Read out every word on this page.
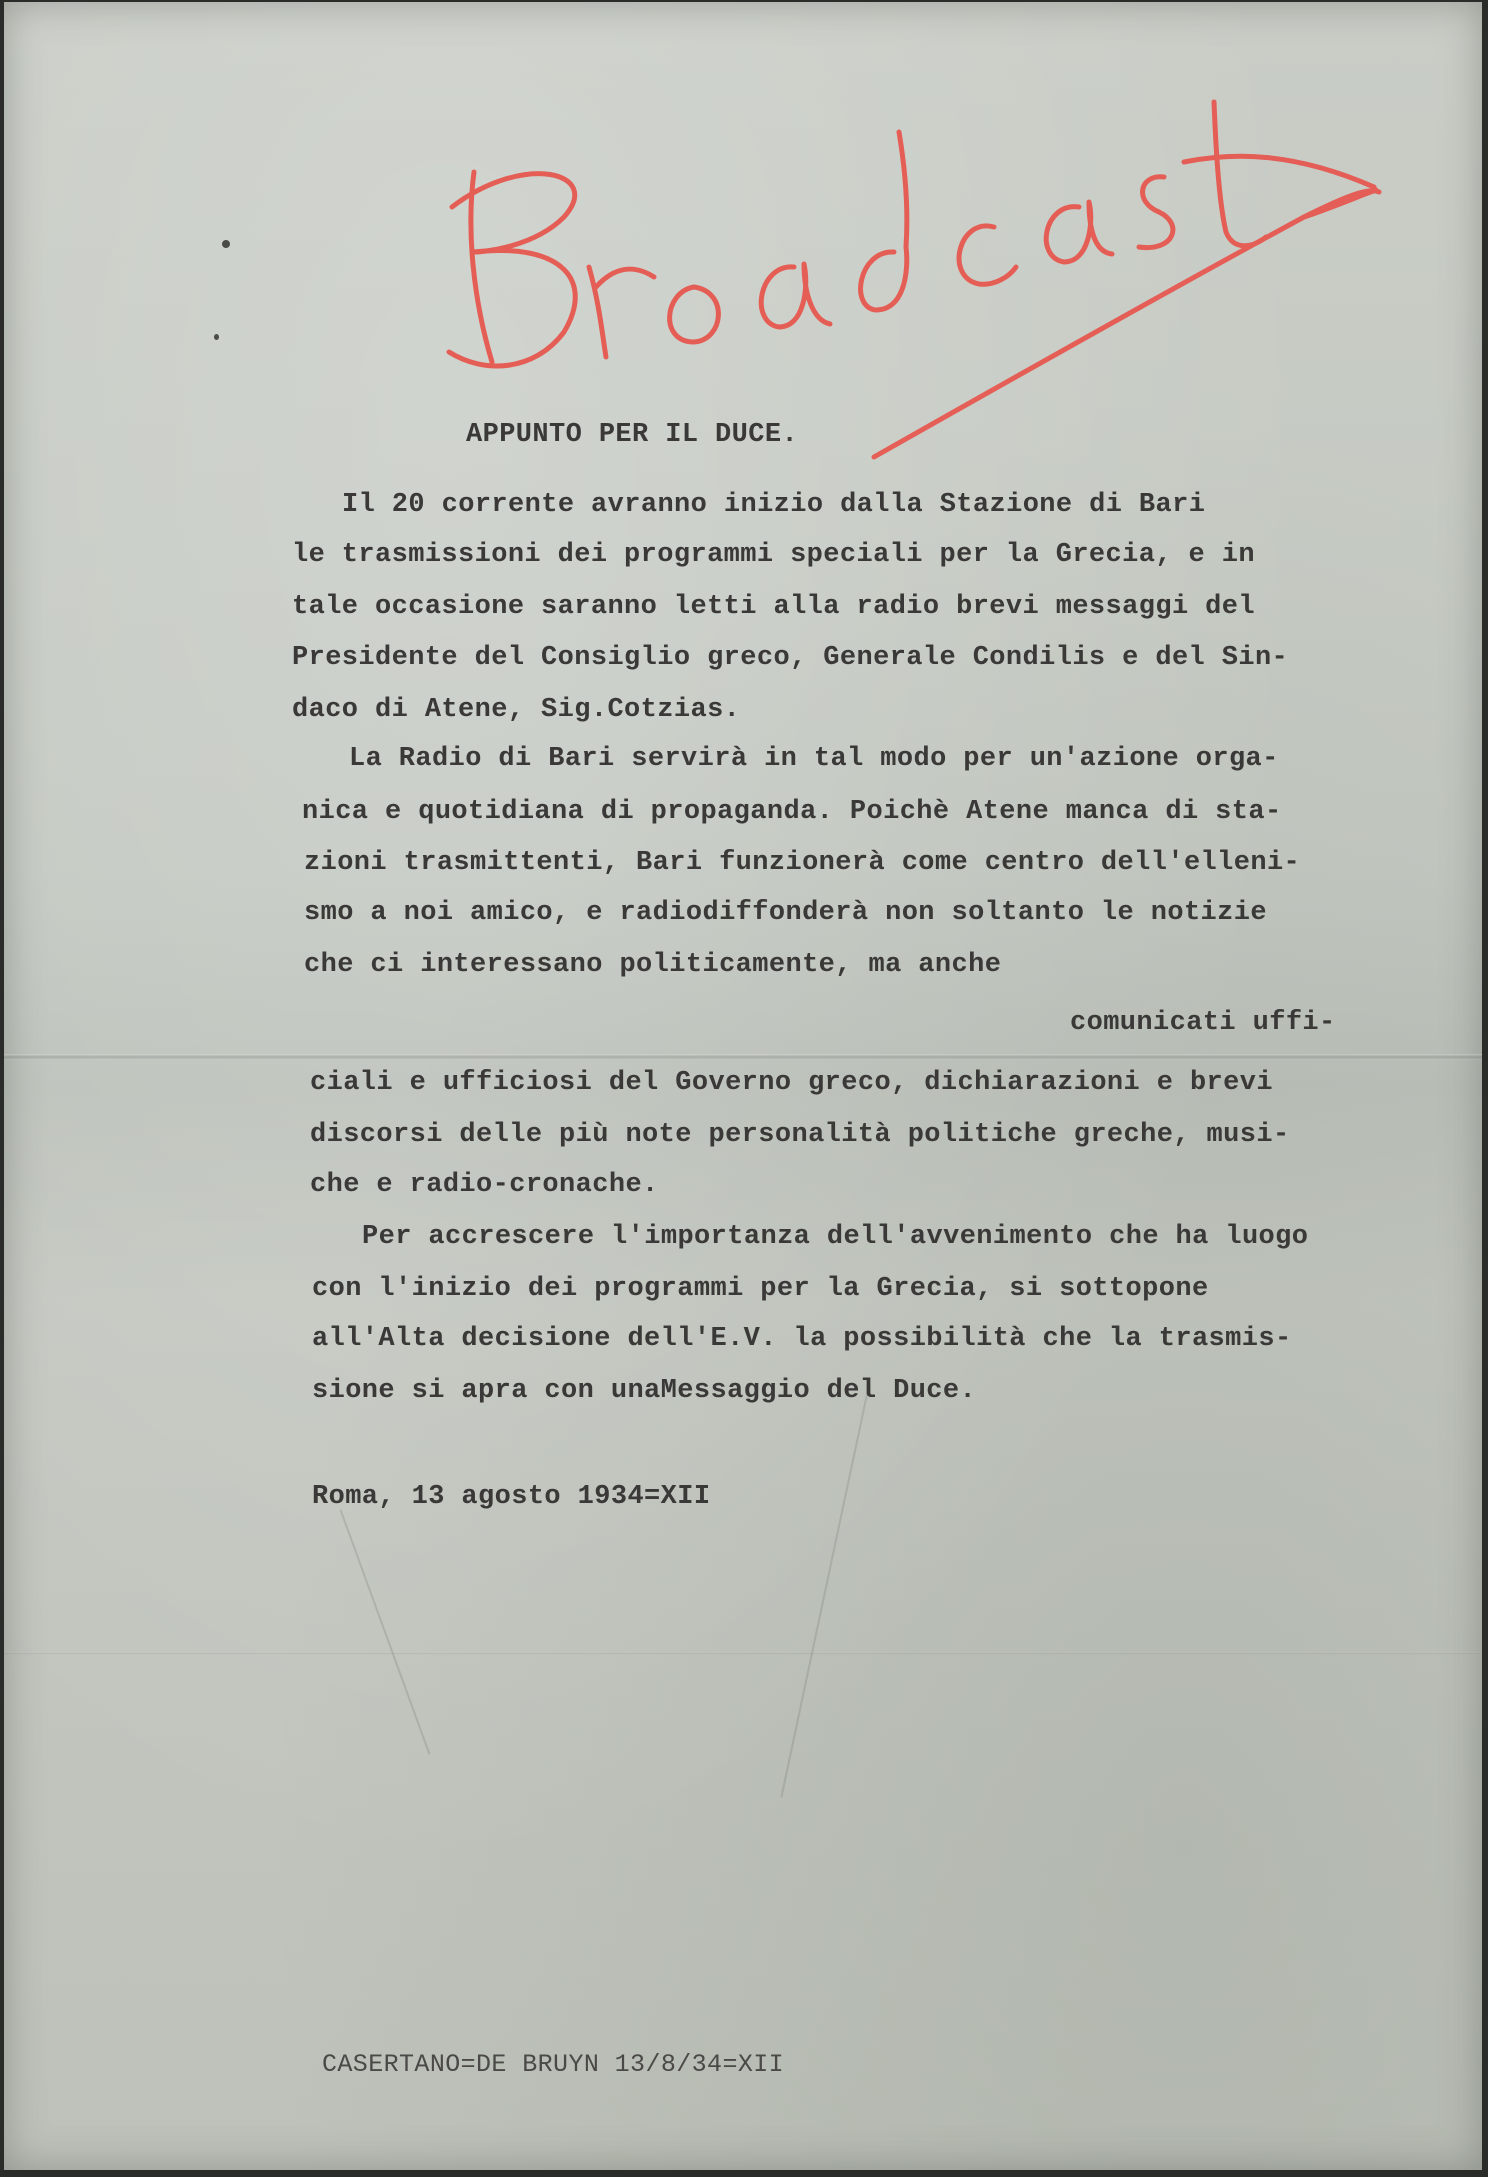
APPUNTO PER IL DUCE.

Il 20 corrente avranno inizio dalla Stazione di Bari

le trasmissioni dei programmi speciali per la Grecia, e in

tale occasione saranno letti alla radio brevi messaggi del

Presidente del Consiglio greco, Generale Condilis e del Sin-

daco di Atene, Sig.Cotzias.

La Radio di Bari servirà in tal modo per un'azione orga-

nica e quotidiana di propaganda. Poichè Atene manca di sta-

zioni trasmittenti, Bari funzionerà come centro dell'elleni-

smo a noi amico, e radiodiffonderà non soltanto le notizie

che ci interessano politicamente, ma anche

comunicati uffi-

ciali e ufficiosi del Governo greco, dichiarazioni e brevi

discorsi delle più note personalità politiche greche, musi-

che e radio-cronache.

Per accrescere l'importanza dell'avvenimento che ha luogo

con l'inizio dei programmi per la Grecia, si sottopone

all'Alta decisione dell'E.V. la possibilità che la trasmis-

sione si apra con unaMessaggio del Duce.

Roma, 13 agosto 1934=XII

CASERTANO=DE BRUYN 13/8/34=XII
